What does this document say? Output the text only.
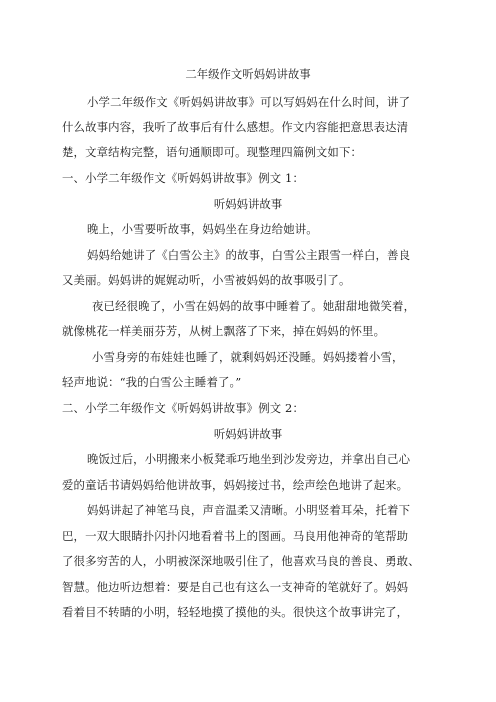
二年级作文听妈妈讲故事
小学二年级作文《听妈妈讲故事》可以写妈妈在什么时间，讲了
什么故事内容，我听了故事后有什么感想。作文内容能把意思表达清
楚，文章结构完整，语句通顺即可。现整理四篇例文如下：
一、小学二年级作文《听妈妈讲故事》例文 1：
听妈妈讲故事
晚上，小雪要听故事，妈妈坐在身边给她讲。
妈妈给她讲了《白雪公主》的故事，白雪公主跟雪一样白，善良
又美丽。妈妈讲的娓娓动听，小雪被妈妈的故事吸引了。
夜已经很晚了，小雪在妈妈的故事中睡着了。她甜甜地微笑着，
就像桃花一样美丽芬芳，从树上飘落了下来，掉在妈妈的怀里。
小雪身旁的布娃娃也睡了，就剩妈妈还没睡。妈妈搂着小雪，
轻声地说：“我的白雪公主睡着了。”
二、小学二年级作文《听妈妈讲故事》例文 2：
听妈妈讲故事
晚饭过后，小明搬来小板凳乖巧地坐到沙发旁边，并拿出自己心
爱的童话书请妈妈给他讲故事，妈妈接过书，绘声绘色地讲了起来。
妈妈讲起了神笔马良，声音温柔又清晰。小明竖着耳朵，托着下
巴，一双大眼睛扑闪扑闪地看着书上的图画。马良用他神奇的笔帮助
了很多穷苦的人，小明被深深地吸引住了，他喜欢马良的善良、勇敢、
智慧。他边听边想着：要是自己也有这么一支神奇的笔就好了。妈妈
看着目不转睛的小明，轻轻地摸了摸他的头。很快这个故事讲完了，
